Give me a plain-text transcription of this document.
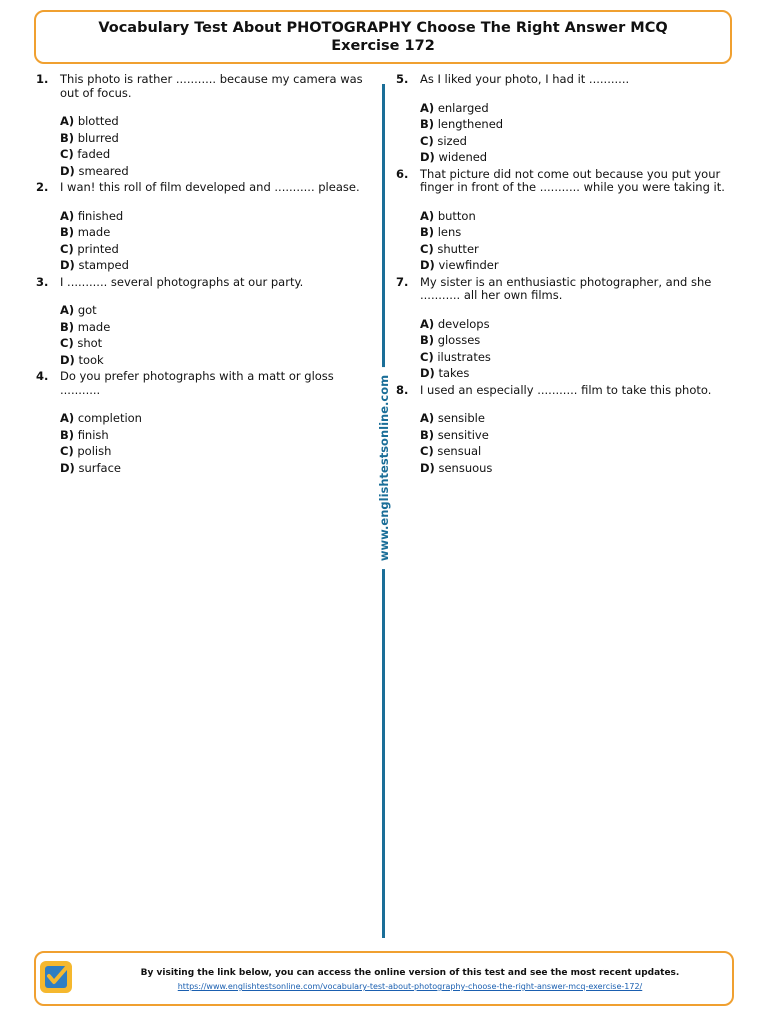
Vocabulary Test About PHOTOGRAPHY Choose The Right Answer MCQ
Exercise 172
1. This photo is rather ........... because my camera was out of focus.
A) blotted
B) blurred
C) faded
D) smeared
2. I wan! this roll of film developed and ........... please.
A) finished
B) made
C) printed
D) stamped
3. I ........... several photographs at our party.
A) got
B) made
C) shot
D) took
4. Do you prefer photographs with a matt or gloss ...........
A) completion
B) finish
C) polish
D) surface	www.englishtestsonline.com
5. As I liked your photo, I had it ...........
A) enlarged
B) lengthened
C) sized
D) widened
6. That picture did not come out because you put your finger in front of the ........... while you were taking it.
A) button
B) lens
C) shutter
D) viewfinder
7. My sister is an enthusiastic photographer, and she ........... all her own films.
A) develops
B) glosses
C) ilustrates
D) takes
8. I used an especially ........... film to take this photo.
A) sensible
B) sensitive
C) sensual
D) sensuous
By visiting the link below, you can access the online version of this test and see the most recent updates.
https://www.englishtestsonline.com/vocabulary-test-about-photography-choose-the-right-answer-mcq-exercise-172/
